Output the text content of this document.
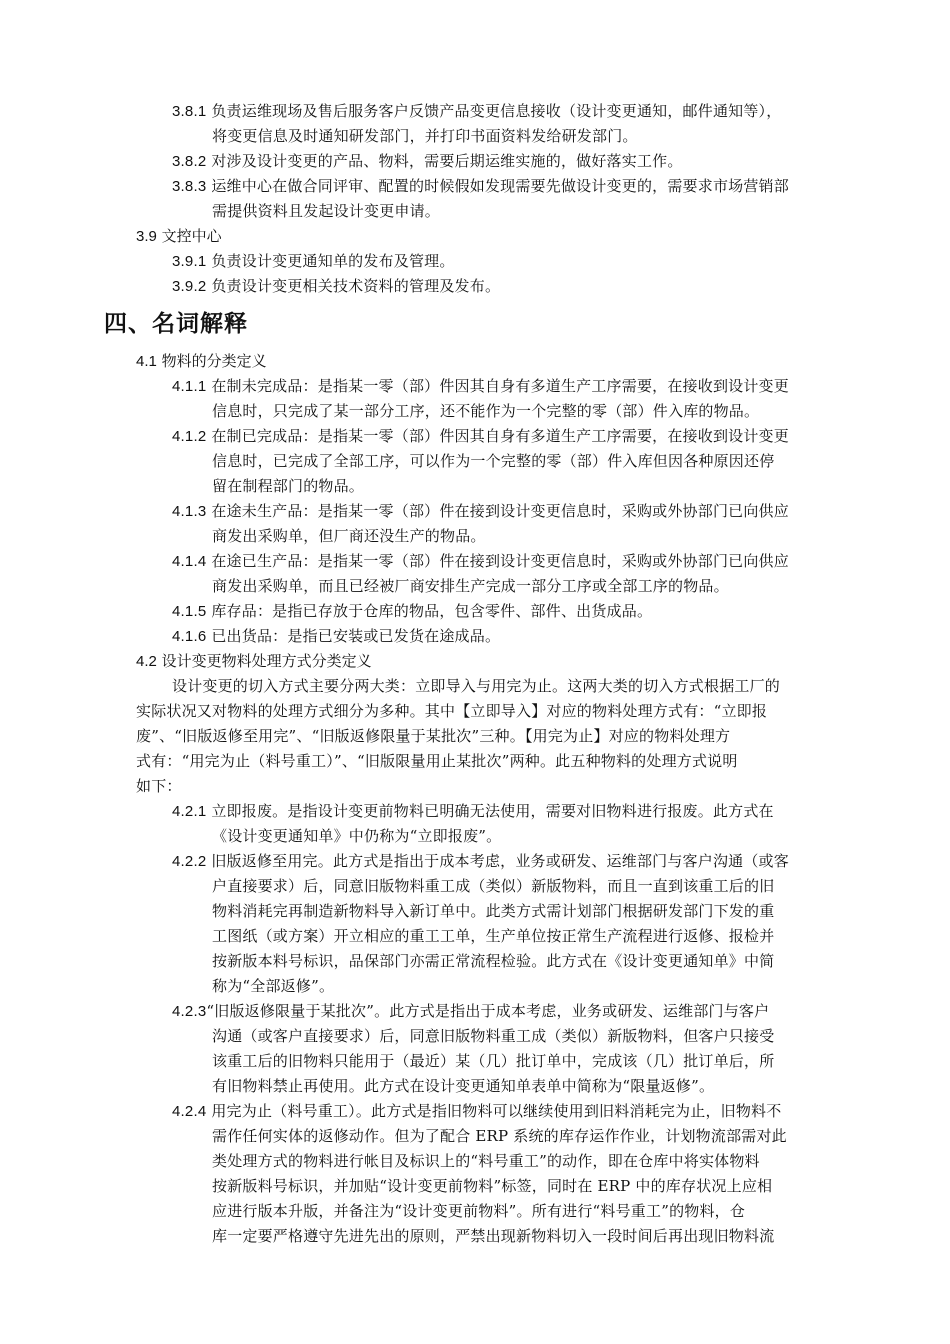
3.8.1 负责运维现场及售后服务客户反馈产品变更信息接收（设计变更通知，邮件通知等），
将变更信息及时通知研发部门，并打印书面资料发给研发部门。
3.8.2 对涉及设计变更的产品、物料，需要后期运维实施的，做好落实工作。
3.8.3 运维中心在做合同评审、配置的时候假如发现需要先做设计变更的，需要求市场营销部
需提供资料且发起设计变更申请。
3.9 文控中心
3.9.1 负责设计变更通知单的发布及管理。
3.9.2 负责设计变更相关技术资料的管理及发布。
四、名词解释
4.1 物料的分类定义
4.1.1 在制未完成品：是指某一零（部）件因其自身有多道生产工序需要，在接收到设计变更
信息时，只完成了某一部分工序，还不能作为一个完整的零（部）件入库的物品。
4.1.2 在制已完成品：是指某一零（部）件因其自身有多道生产工序需要，在接收到设计变更
信息时，已完成了全部工序，可以作为一个完整的零（部）件入库但因各种原因还停
留在制程部门的物品。
4.1.3 在途未生产品：是指某一零（部）件在接到设计变更信息时，采购或外协部门已向供应
商发出采购单，但厂商还没生产的物品。
4.1.4 在途已生产品：是指某一零（部）件在接到设计变更信息时，采购或外协部门已向供应
商发出采购单，而且已经被厂商安排生产完成一部分工序或全部工序的物品。
4.1.5 库存品：是指已存放于仓库的物品，包含零件、部件、出货成品。
4.1.6 已出货品：是指已安装或已发货在途成品。
4.2 设计变更物料处理方式分类定义
设计变更的切入方式主要分两大类：立即导入与用完为止。这两大类的切入方式根据工厂的
实际状况又对物料的处理方式细分为多种。其中【立即导入】对应的物料处理方式有：“立即报
废”、“旧版返修至用完”、“旧版返修限量于某批次”三种。【用完为止】对应的物料处理方
式有：“用完为止（料号重工）”、“旧版限量用止某批次”两种。此五种物料的处理方式说明
如下：
4.2.1 立即报废。是指设计变更前物料已明确无法使用，需要对旧物料进行报废。此方式在
《设计变更通知单》中仍称为“立即报废”。
4.2.2 旧版返修至用完。此方式是指出于成本考虑，业务或研发、运维部门与客户沟通（或客
户直接要求）后，同意旧版物料重工成（类似）新版物料，而且一直到该重工后的旧
物料消耗完再制造新物料导入新订单中。此类方式需计划部门根据研发部门下发的重
工图纸（或方案）开立相应的重工工单，生产单位按正常生产流程进行返修、报检并
按新版本料号标识，品保部门亦需正常流程检验。此方式在《设计变更通知单》中简
称为“全部返修”。
4.2.3“旧版返修限量于某批次”。此方式是指出于成本考虑，业务或研发、运维部门与客户
沟通（或客户直接要求）后，同意旧版物料重工成（类似）新版物料，但客户只接受
该重工后的旧物料只能用于（最近）某（几）批订单中，完成该（几）批订单后，所
有旧物料禁止再使用。此方式在设计变更通知单表单中简称为“限量返修”。
4.2.4 用完为止（料号重工）。此方式是指旧物料可以继续使用到旧料消耗完为止，旧物料不
需作任何实体的返修动作。但为了配合 ERP 系统的库存运作作业，计划物流部需对此
类处理方式的物料进行帐目及标识上的“料号重工”的动作，即在仓库中将实体物料
按新版料号标识，并加贴“设计变更前物料”标签，同时在 ERP 中的库存状况上应相
应进行版本升版，并备注为“设计变更前物料”。所有进行“料号重工”的物料，仓
库一定要严格遵守先进先出的原则，严禁出现新物料切入一段时间后再出现旧物料流
